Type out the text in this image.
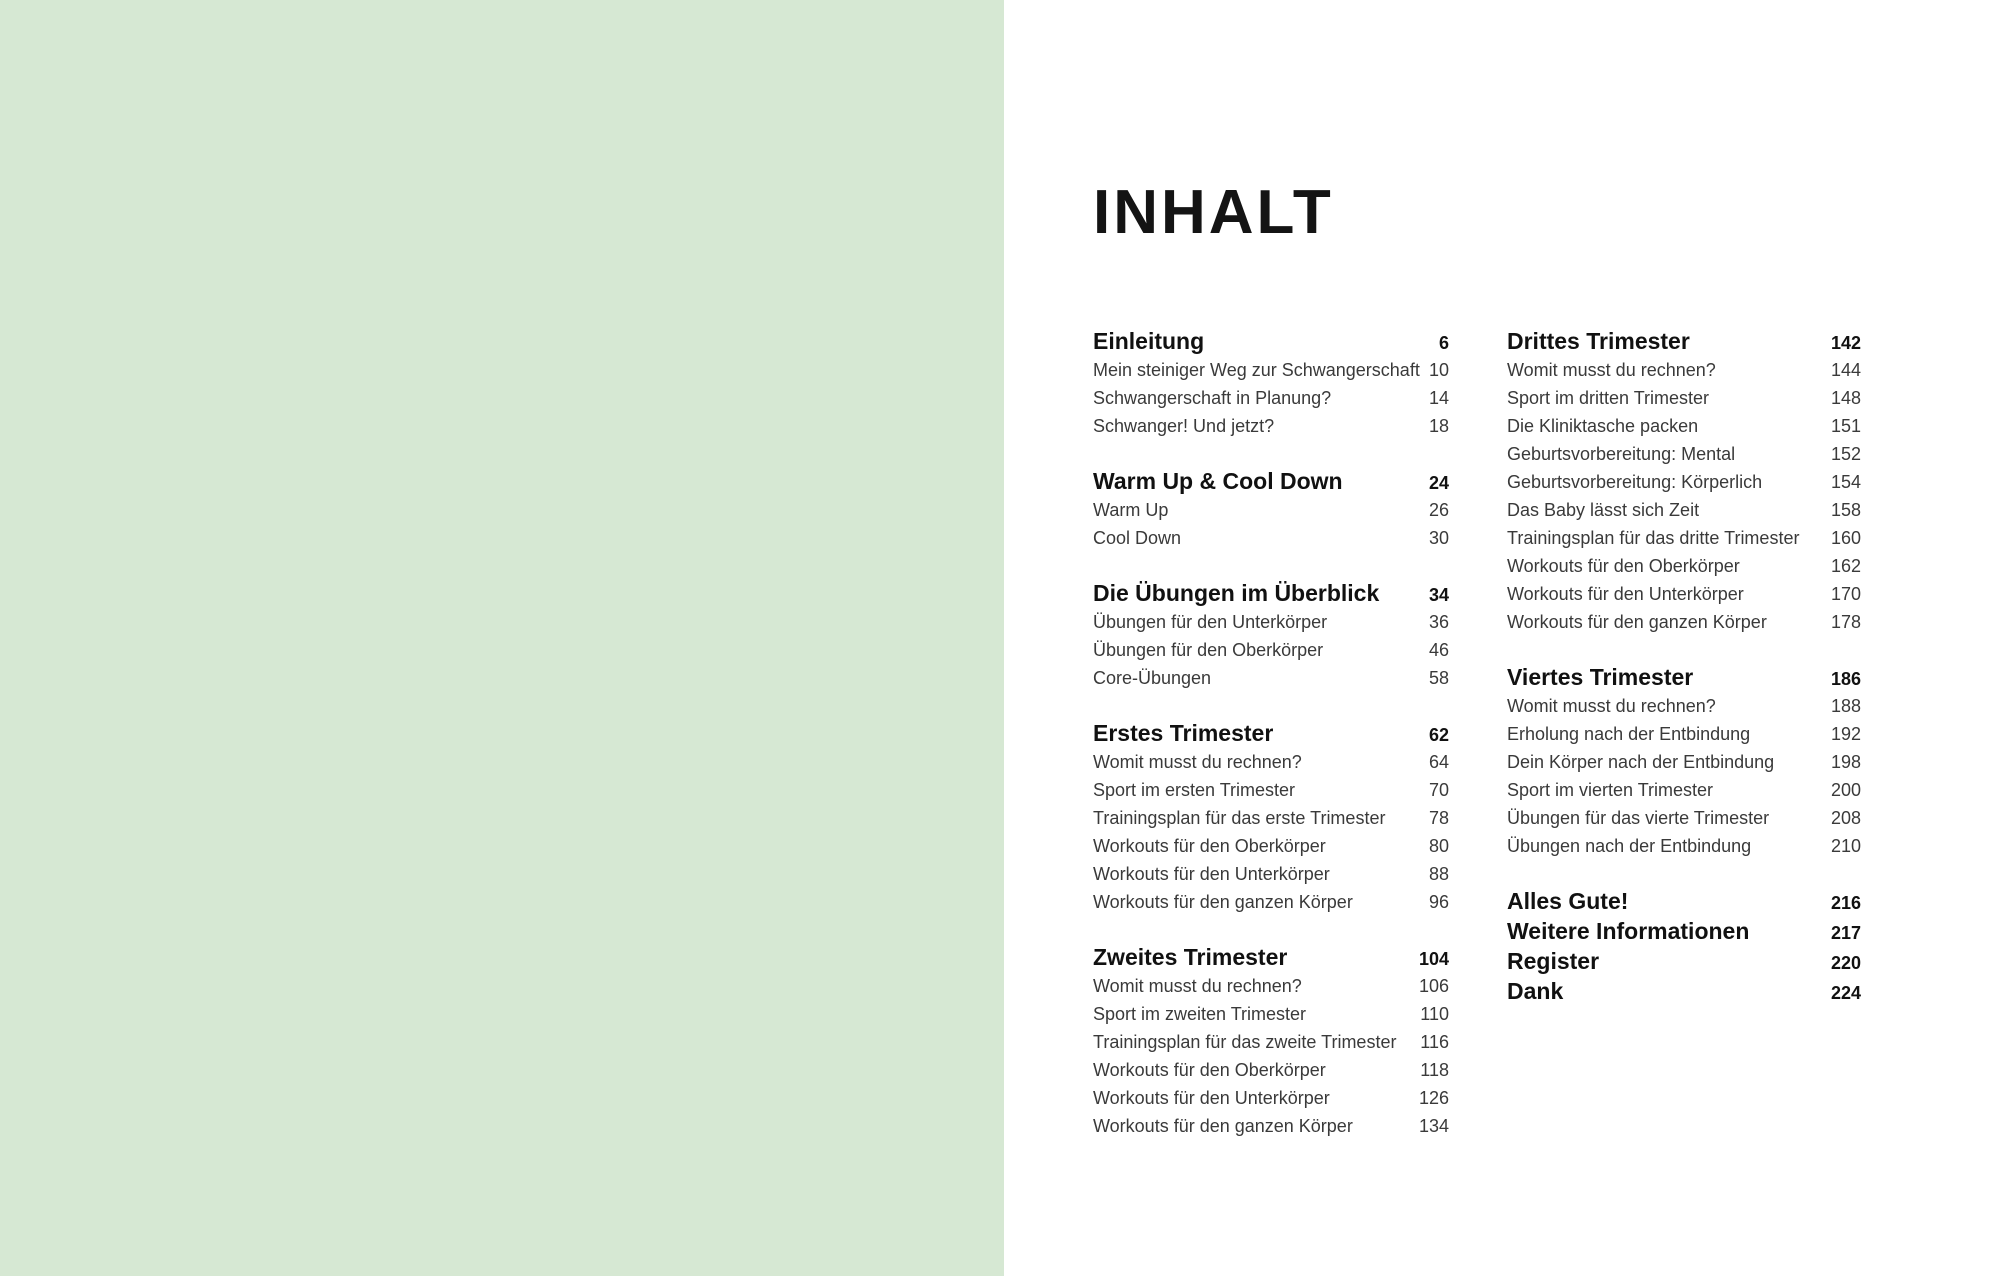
INHALT
Einleitung	6
Mein steiniger Weg zur Schwangerschaft 10
Schwangerschaft in Planung?	14
Schwanger! Und jetzt?	18
Warm Up & Cool Down	24
Warm Up	26
Cool Down	30
Die Übungen im Überblick	34
Übungen für den Unterkörper	36
Übungen für den Oberkörper	46
Core-Übungen	58
Erstes Trimester	62
Womit musst du rechnen?	64
Sport im ersten Trimester	70
Trainingsplan für das erste Trimester	78
Workouts für den Oberkörper	80
Workouts für den Unterkörper	88
Workouts für den ganzen Körper	96
Zweites Trimester	104
Womit musst du rechnen?	106
Sport im zweiten Trimester	110
Trainingsplan für das zweite Trimester	116
Workouts für den Oberkörper	118
Workouts für den Unterkörper	126
Workouts für den ganzen Körper	134
Drittes Trimester	142
Womit musst du rechnen?	144
Sport im dritten Trimester	148
Die Kliniktasche packen	151
Geburtsvorbereitung: Mental	152
Geburtsvorbereitung: Körperlich	154
Das Baby lässt sich Zeit	158
Trainingsplan für das dritte Trimester	160
Workouts für den Oberkörper	162
Workouts für den Unterkörper	170
Workouts für den ganzen Körper	178
Viertes Trimester	186
Womit musst du rechnen?	188
Erholung nach der Entbindung	192
Dein Körper nach der Entbindung	198
Sport im vierten Trimester	200
Übungen für das vierte Trimester	208
Übungen nach der Entbindung	210
Alles Gute!	216
Weitere Informationen	217
Register	220
Dank	224
